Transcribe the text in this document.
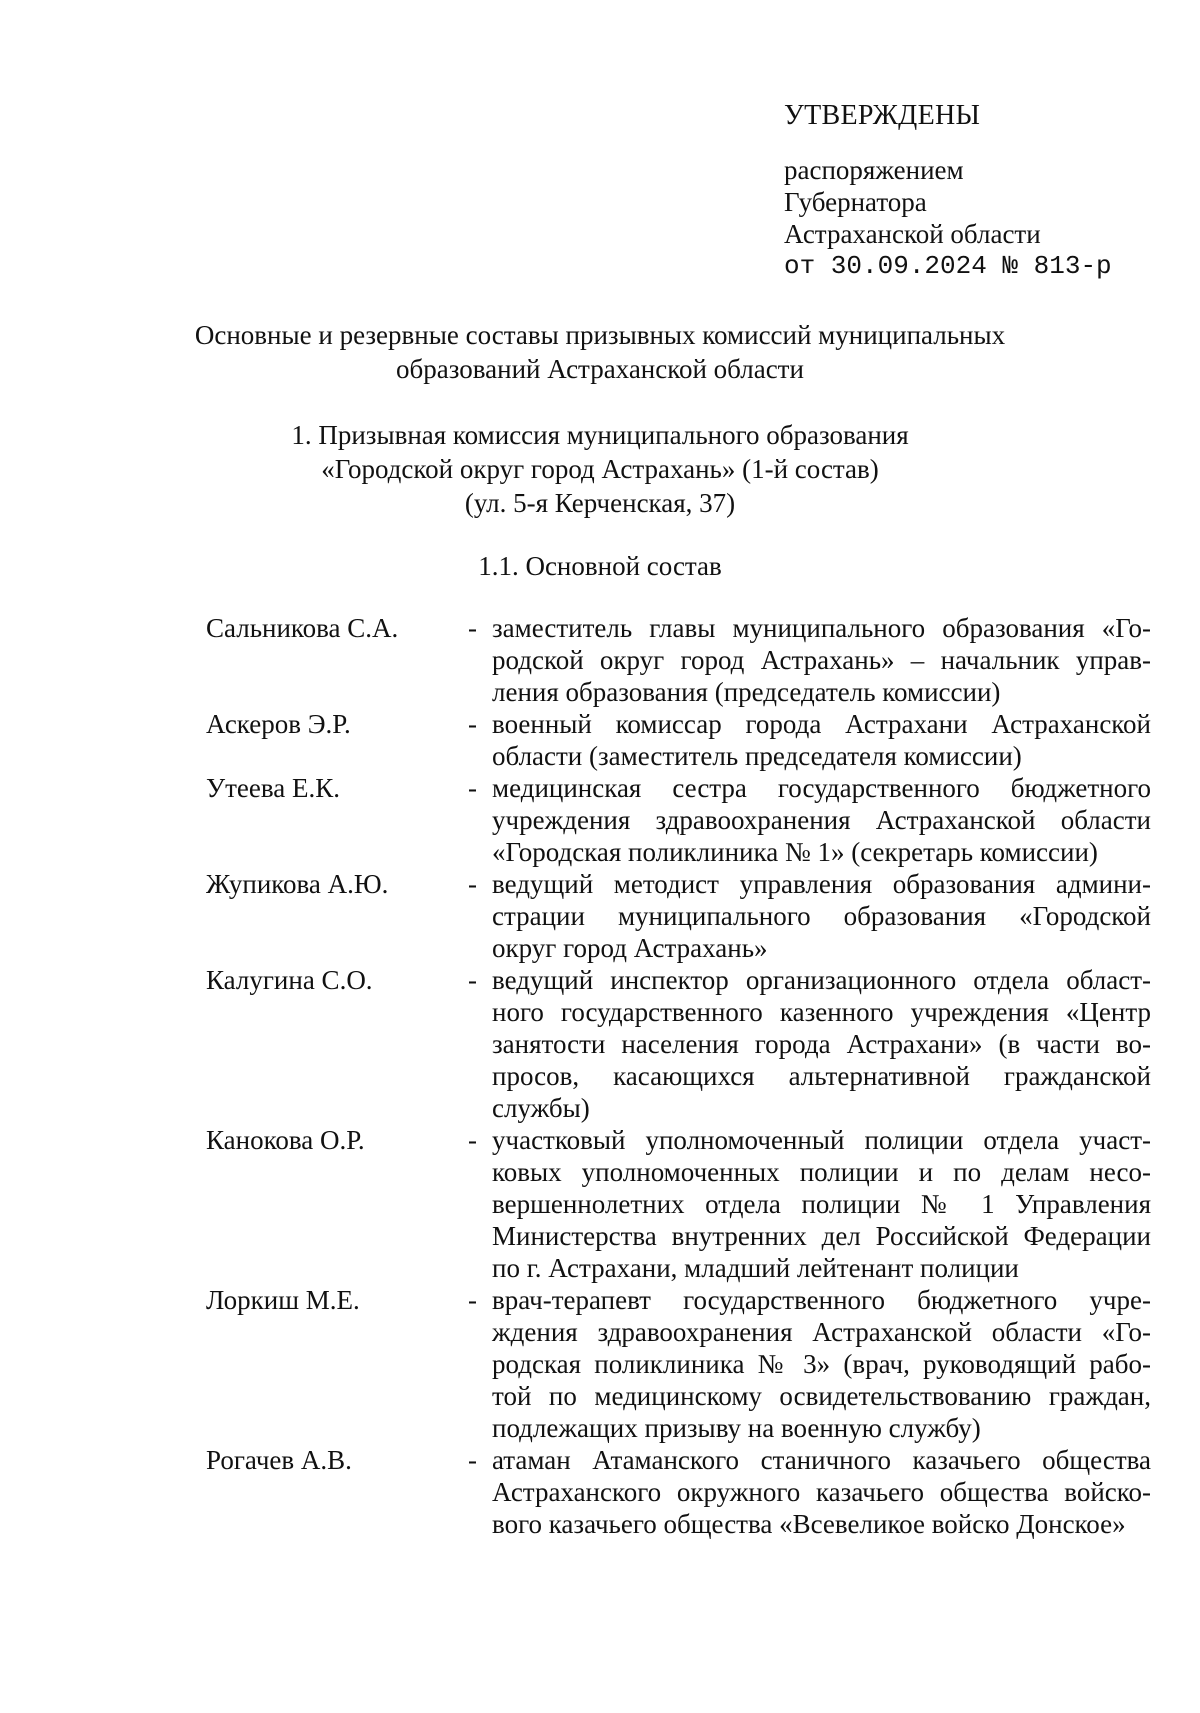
УТВЕРЖДЕНЫ
распоряжением
Губернатора
Астраханской области
от 30.09.2024 № 813-р
Основные и резервные составы призывных комиссий муниципальных
образований Астраханской области
1. Призывная комиссия муниципального образования
«Городской округ город Астрахань» (1-й состав)
(ул. 5-я Керченская, 37)
1.1. Основной состав
Сальникова С.А.	- заместитель главы муниципального образования «Го-
родской округ город Астрахань» – начальник управ-
ления образования (председатель комиссии)
Аскеров Э.Р.	- военный комиссар города Астрахани Астраханской
области (заместитель председателя комиссии)
Утеева Е.К.	- медицинская сестра государственного бюджетного
учреждения здравоохранения Астраханской области
«Городская поликлиника № 1» (секретарь комиссии)
Жупикова А.Ю.	- ведущий методист управления образования админи-
страции муниципального образования «Городской
округ город Астрахань»
Калугина С.О.	- ведущий инспектор организационного отдела област-
ного государственного казенного учреждения «Центр
занятости населения города Астрахани» (в части во-
просов, касающихся альтернативной гражданской
службы)
Канокова О.Р.	- участковый уполномоченный полиции отдела участ-
ковых уполномоченных полиции и по делам несо-
вершеннолетних отдела полиции № 1 Управления
Министерства внутренних дел Российской Федерации
по г. Астрахани, младший лейтенант полиции
Лоркиш М.Е.	- врач-терапевт государственного бюджетного учре-
ждения здравоохранения Астраханской области «Го-
родская поликлиника № 3» (врач, руководящий рабо-
той по медицинскому освидетельствованию граждан,
подлежащих призыву на военную службу)
Рогачев А.В.	- атаман Атаманского станичного казачьего общества
Астраханского окружного казачьего общества войско-
вого казачьего общества «Всевеликое войско Донское»
